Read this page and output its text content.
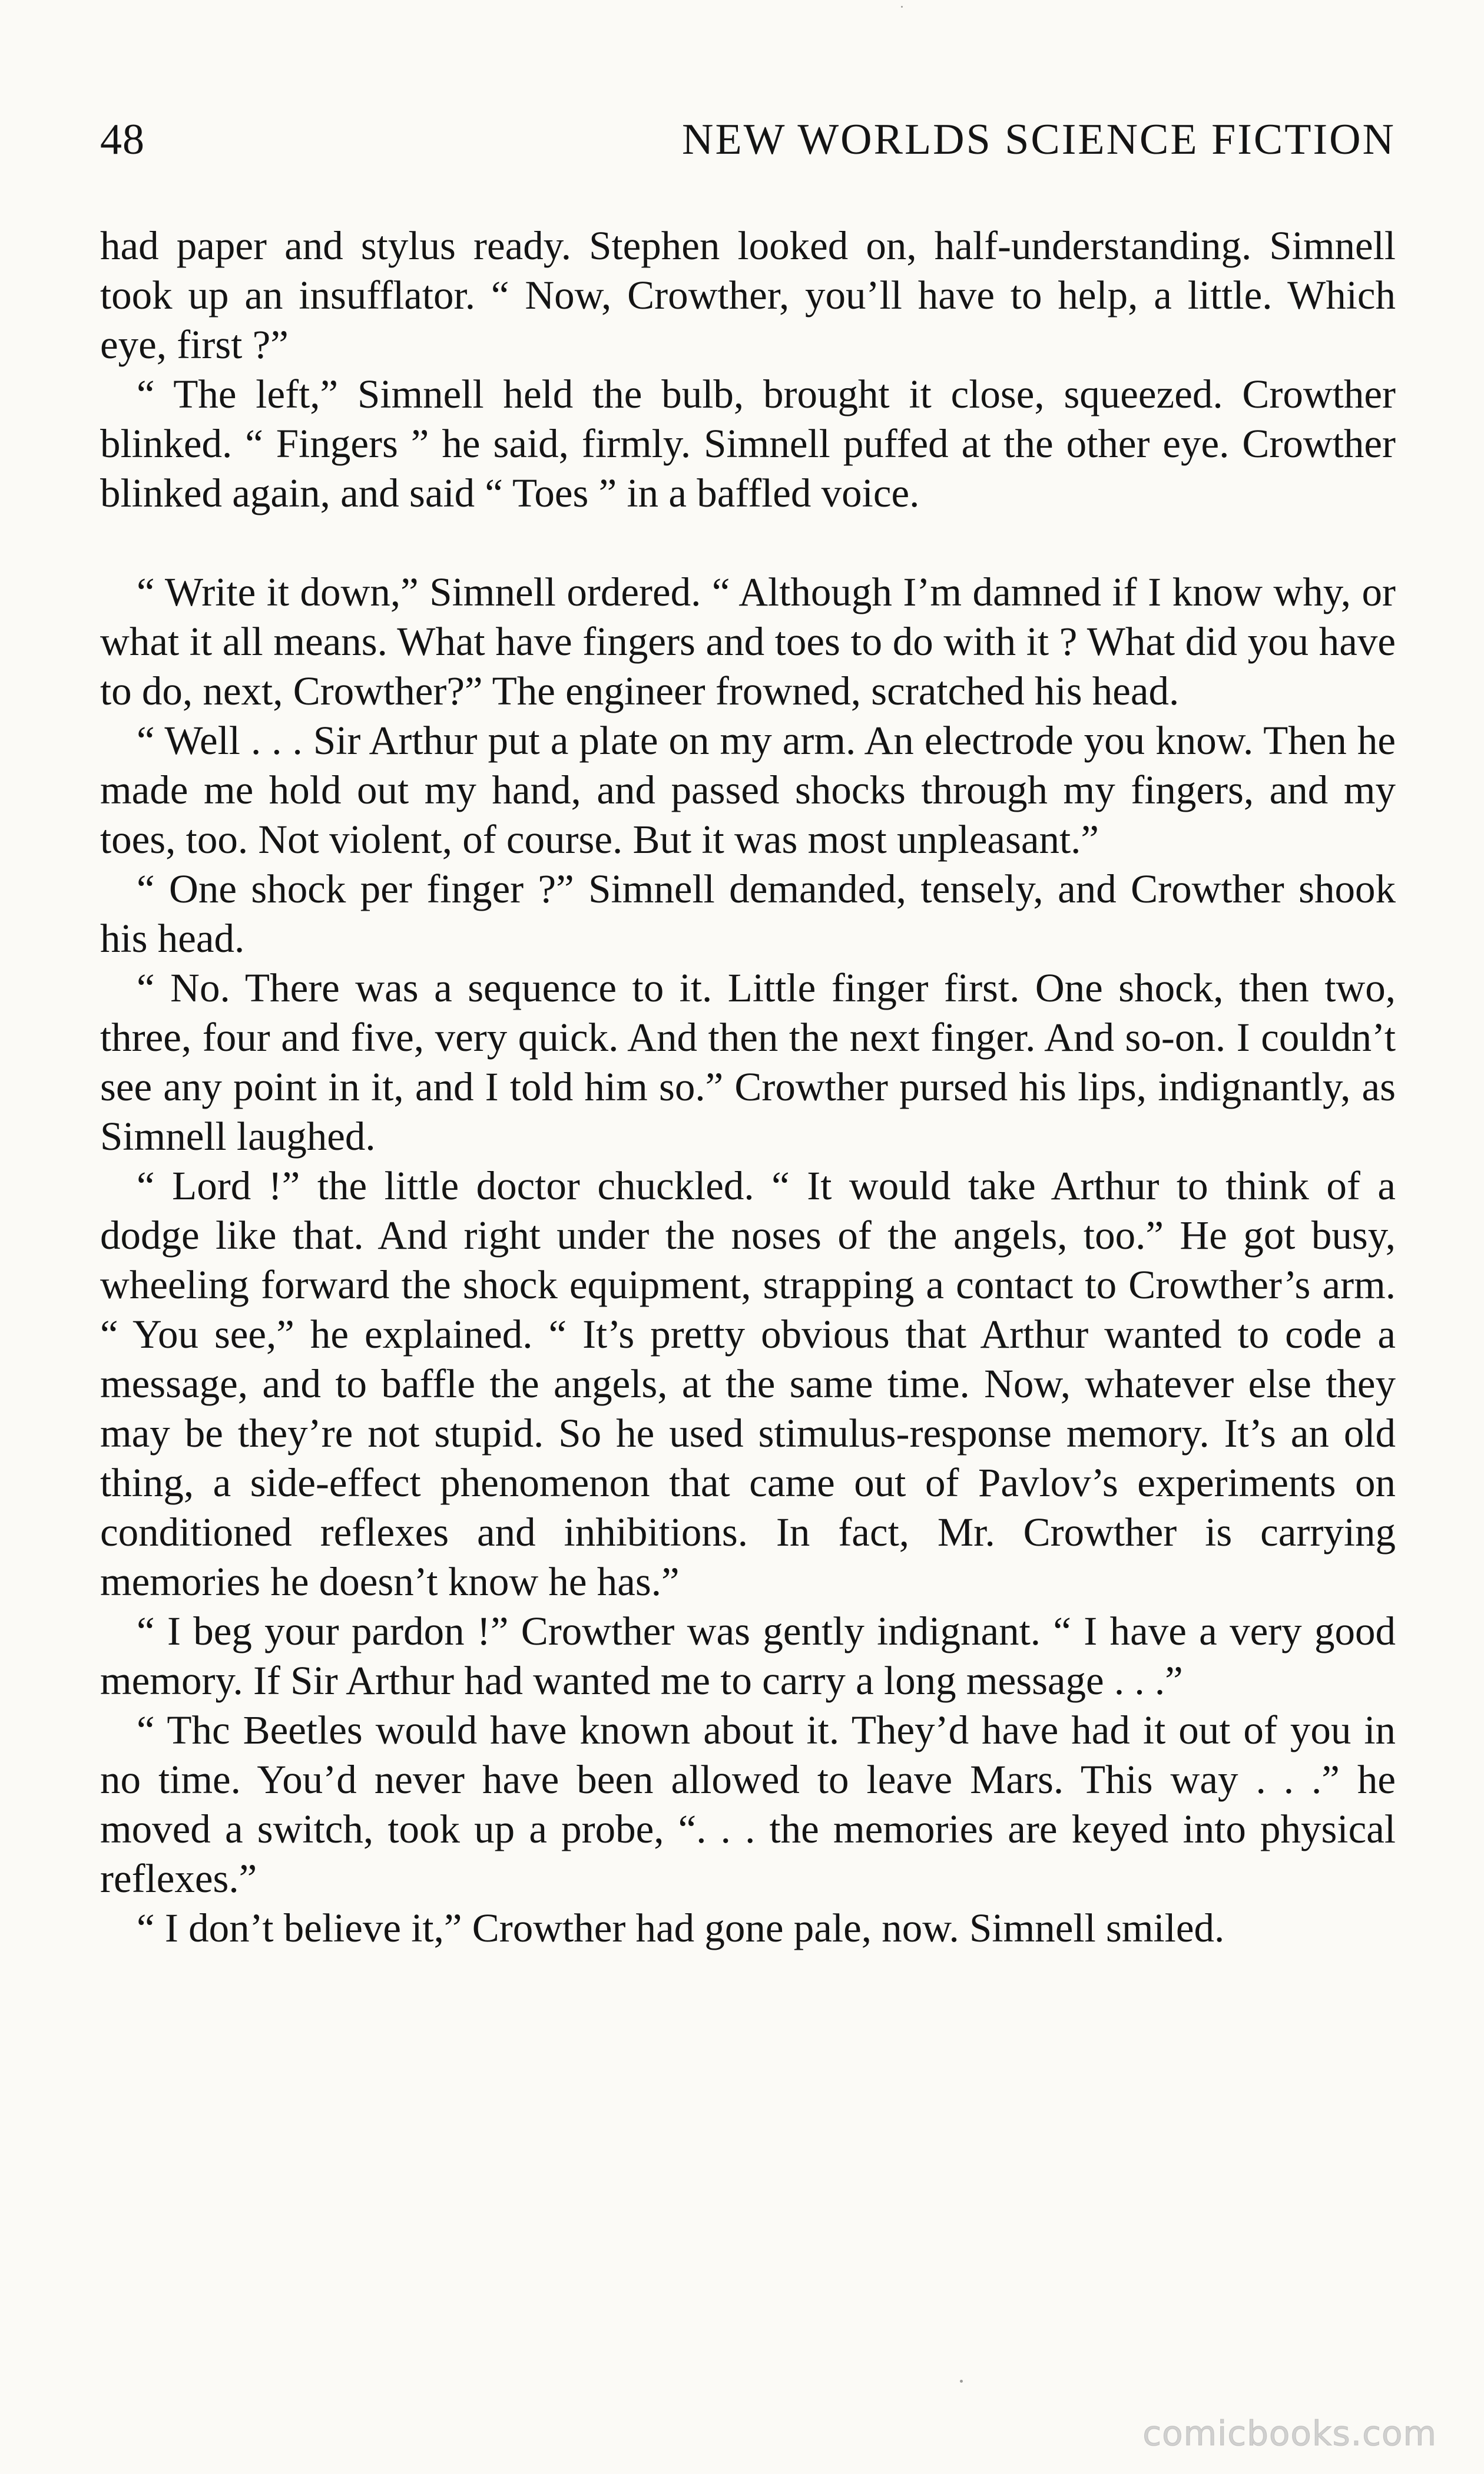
48	NEW WORLDS SCIENCE FICTION

had paper and stylus ready. Stephen looked on, half-understanding. Simnell took up an insufflator. “ Now, Crowther, you’ll have to help, a little. Which eye, first ?”

“ The left,” Simnell held the bulb, brought it close, squeezed. Crowther blinked. “ Fingers ” he said, firmly. Simnell puffed at the other eye. Crowther blinked again, and said “ Toes ” in a baffled voice.

“ Write it down,” Simnell ordered. “ Although I’m damned if I know why, or what it all means. What have fingers and toes to do with it ? What did you have to do, next, Crowther?” The engineer frowned, scratched his head.

“ Well . . . Sir Arthur put a plate on my arm. An electrode you know. Then he made me hold out my hand, and passed shocks through my fingers, and my toes, too. Not violent, of course. But it was most unpleasant.”

“ One shock per finger ?” Simnell demanded, tensely, and Crowther shook his head.

“ No. There was a sequence to it. Little finger first. One shock, then two, three, four and five, very quick. And then the next finger. And so-on. I couldn’t see any point in it, and I told him so.” Crowther pursed his lips, indignantly, as Simnell laughed.

“ Lord !” the little doctor chuckled. “ It would take Arthur to think of a dodge like that. And right under the noses of the angels, too.” He got busy, wheeling forward the shock equipment, strapping a contact to Crowther’s arm. “ You see,” he explained. “ It’s pretty obvious that Arthur wanted to code a message, and to baffle the angels, at the same time. Now, whatever else they may be they’re not stupid. So he used stimulus-response memory. It’s an old thing, a side-effect phenomenon that came out of Pavlov’s experiments on conditioned reflexes and inhibitions. In fact, Mr. Crowther is carrying memories he doesn’t know he has.”

“ I beg your pardon !” Crowther was gently indignant. “ I have a very good memory. If Sir Arthur had wanted me to carry a long message . . .”

“ Thc Beetles would have known about it. They’d have had it out of you in no time. You’d never have been allowed to leave Mars. This way . . .” he moved a switch, took up a probe, “. . . the memories are keyed into physical reflexes.”

“ I don’t believe it,” Crowther had gone pale, now. Simnell smiled.

comicbooks.com
